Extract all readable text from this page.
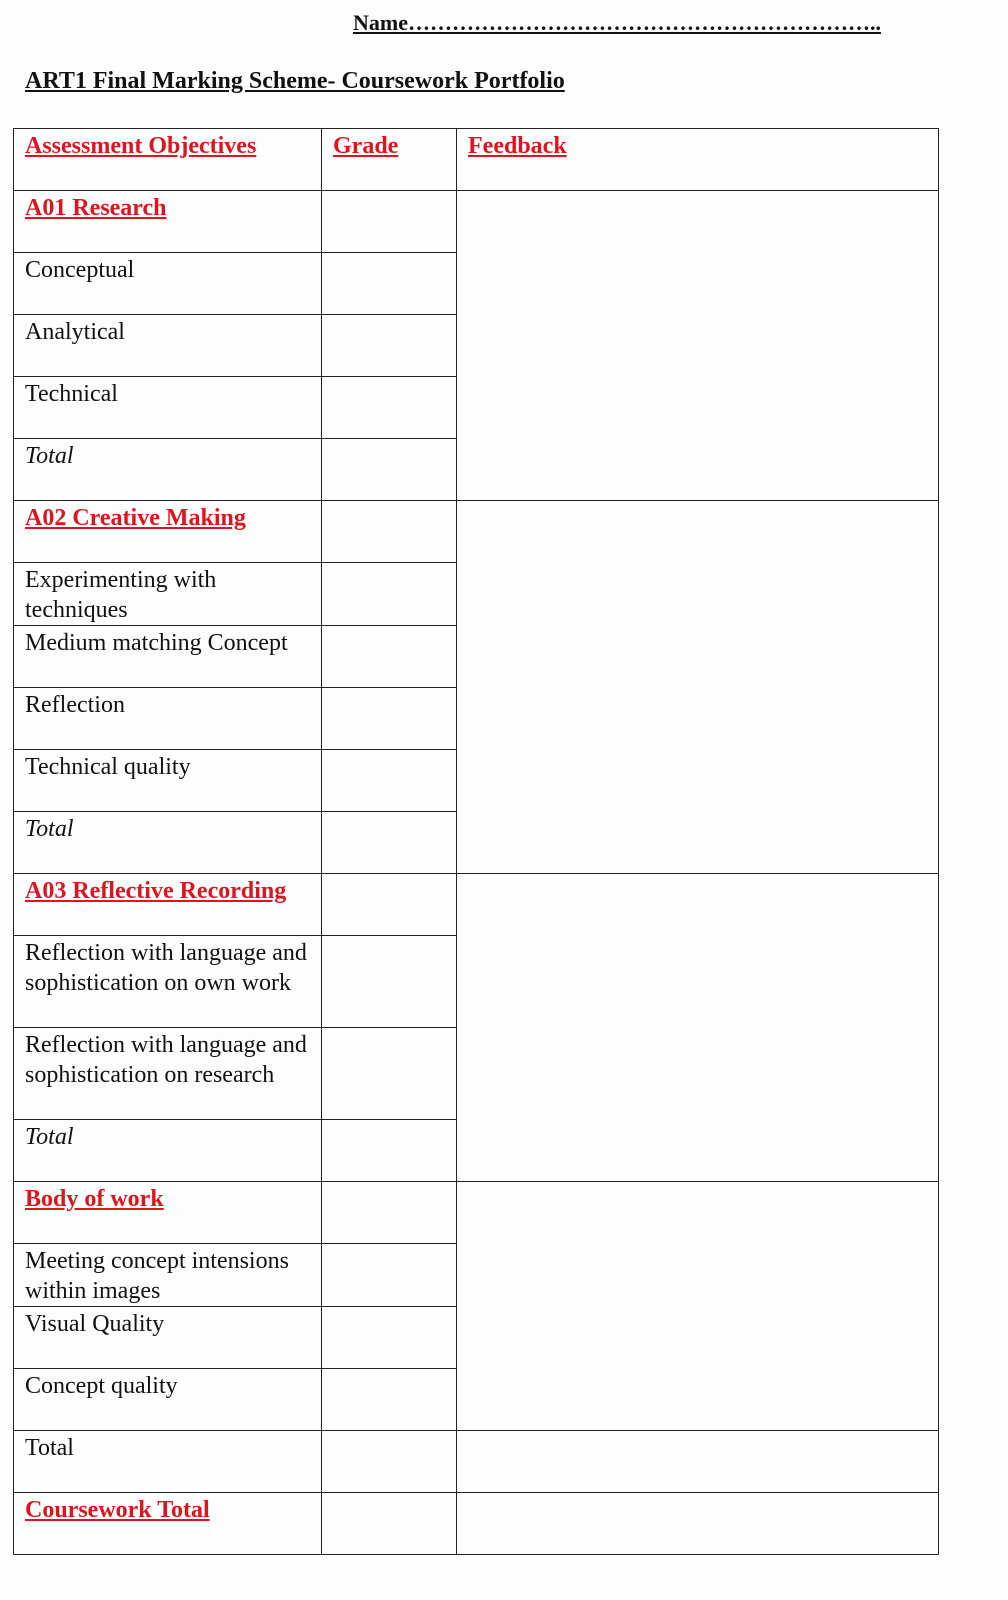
Name………………………………………………………..
ART1 Final Marking Scheme- Coursework Portfolio
Assessment Objectives	Grade	Feedback
A01 Research		
Conceptual		
Analytical		
Technical		
Total		
A02 Creative Making		
Experimenting with techniques		
Medium matching Concept		
Reflection		
Technical quality		
Total		
A03 Reflective Recording		
Reflection with language and sophistication on own work		
Reflection with language and sophistication on research		
Total		
Body of work		
Meeting concept intensions within images		
Visual Quality		
Concept quality		
Total		
Coursework Total		
